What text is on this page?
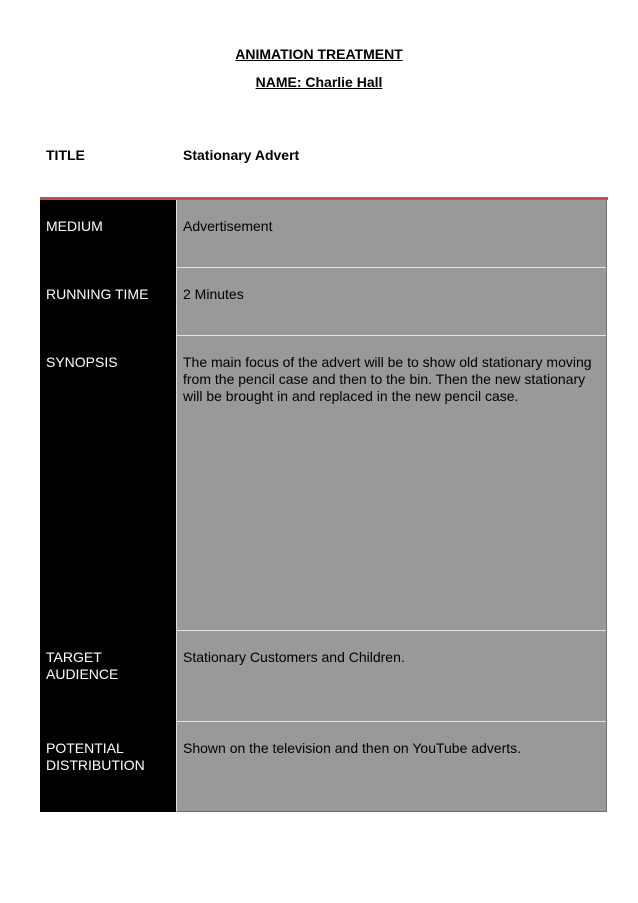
ANIMATION TREATMENT
NAME: Charlie Hall
TITLE	Stationary Advert
MEDIUM
RUNNING TIME
SYNOPSIS
TARGET AUDIENCE
POTENTIAL DISTRIBUTION
Advertisement
2 Minutes
The main focus of the advert will be to show old stationary moving from the pencil case and then to the bin. Then the new stationary will be brought in and replaced in the new pencil case.
Stationary Customers and Children.
Shown on the television and then on YouTube adverts.
